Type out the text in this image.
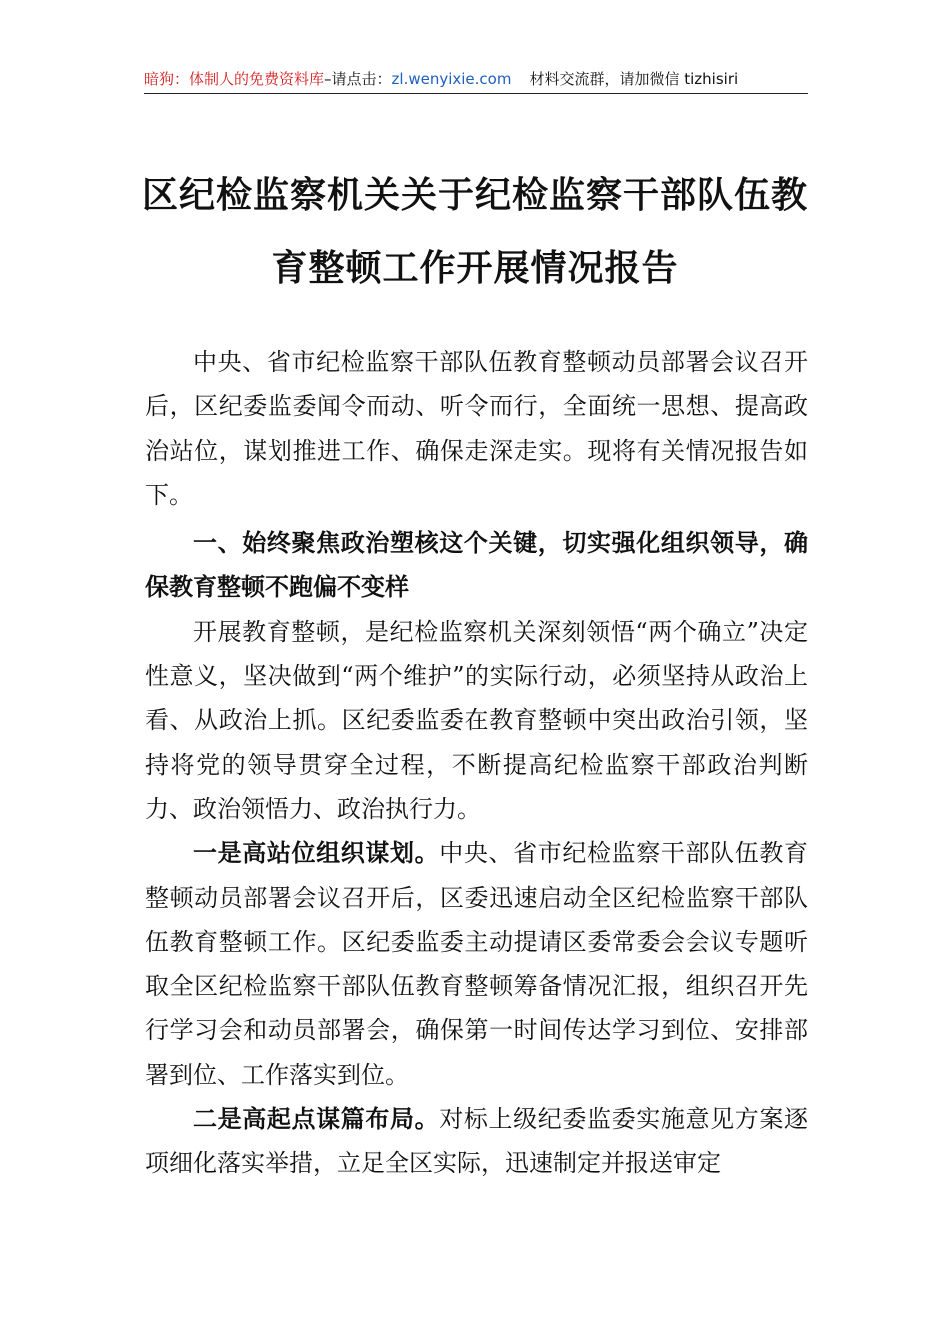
暗狗：体制人的免费资料库–请点击：zl.wenyixie.com 材料交流群，请加微信 tizhisiri
区纪检监察机关关于纪检监察干部队伍教
育整顿工作开展情况报告

中央、省市纪检监察干部队伍教育整顿动员部署会议召开后，区纪委监委闻令而动、听令而行，全面统一思想、提高政治站位，谋划推进工作、确保走深走实。现将有关情况报告如下。

一、始终聚焦政治塑核这个关键，切实强化组织领导，确保教育整顿不跑偏不变样

开展教育整顿，是纪检监察机关深刻领悟“两个确立”决定性意义，坚决做到“两个维护”的实际行动，必须坚持从政治上看、从政治上抓。区纪委监委在教育整顿中突出政治引领，坚持将党的领导贯穿全过程，不断提高纪检监察干部政治判断力、政治领悟力、政治执行力。

一是高站位组织谋划。中央、省市纪检监察干部队伍教育整顿动员部署会议召开后，区委迅速启动全区纪检监察干部队伍教育整顿工作。区纪委监委主动提请区委常委会会议专题听取全区纪检监察干部队伍教育整顿筹备情况汇报，组织召开先行学习会和动员部署会，确保第一时间传达学习到位、安排部署到位、工作落实到位。

二是高起点谋篇布局。对标上级纪委监委实施意见方案逐项细化落实举措，立足全区实际，迅速制定并报送审定
